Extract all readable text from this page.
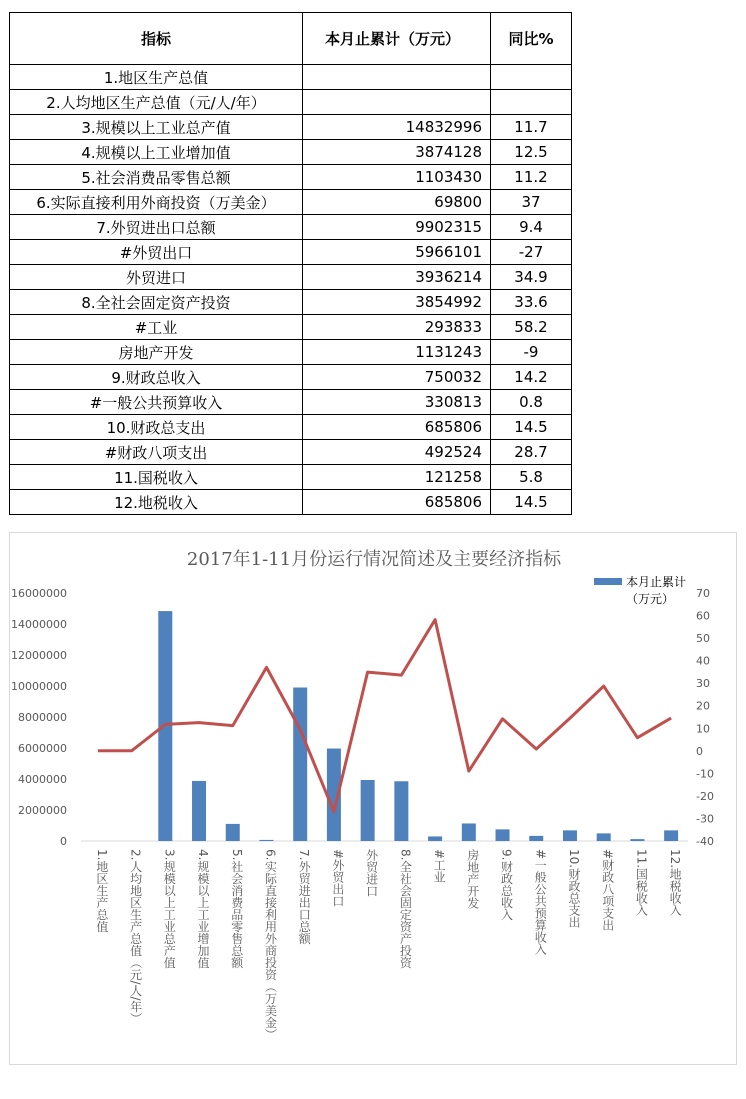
指标	本月止累计（万元）	同比%
1.地区生产总值		
2.人均地区生产总值（元/人/年）		
3.规模以上工业总产值	14832996	11.7
4.规模以上工业增加值	3874128	12.5
5.社会消费品零售总额	1103430	11.2
6.实际直接利用外商投资（万美金）	69800	37
7.外贸进出口总额	9902315	9.4
#外贸出口	5966101	-27
外贸进口	3936214	34.9
8.全社会固定资产投资	3854992	33.6
#工业	293833	58.2
房地产开发	1131243	-9
9.财政总收入	750032	14.2
#一般公共预算收入	330813	0.8
10.财政总支出	685806	14.5
#财政八项支出	492524	28.7
11.国税收入	121258	5.8
12.地税收入	685806	14.5
2017年1-11月份运行情况简述及主要经济指标
0
2000000
4000000
6000000
8000000
10000000
12000000
14000000
16000000
-40
-30
-20
-10
0
10
20
30
40
50
60
70
1.地区生产总值 2.人均地区生产总值（元/人/年） 3.规模以上工业总产值 4.规模以上工业增加值 5.社会消费品零售总额 6.实际直接利用外商投资（万美金） 7.外贸进出口总额 #外贸出口 外贸进口 8.全社会固定资产投资 #工业 房地产开发 9.财政总收入 #一般公共预算收入 10.财政总支出 #财政八项支出 11.国税收入 12.地税收入
本月止累计
（万元）
